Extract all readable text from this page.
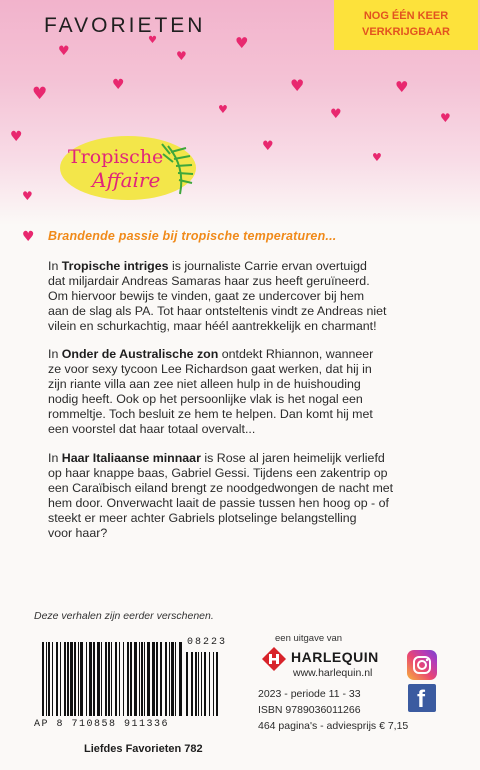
FAVORIETEN	NOG ÉÉN KEER
VERKRIJGBAAR
♥
♥	♥
♥
♥
♥
♥
♥
♥
♥
♥
♥
♥
♥
♥
Tropische
Affaire
♥ Brandende passie bij tropische temperaturen...
In Tropische intriges is journaliste Carrie ervan overtuigd
dat miljardair Andreas Samaras haar zus heeft geruïneerd.
Om hiervoor bewijs te vinden, gaat ze undercover bij hem
aan de slag als PA. Tot haar ontsteltenis vindt ze Andreas niet
vilein en schurkachtig, maar héél aantrekkelijk en charmant!
In Onder de Australische zon ontdekt Rhiannon, wanneer
ze voor sexy tycoon Lee Richardson gaat werken, dat hij in
zijn riante villa aan zee niet alleen hulp in de huishouding
nodig heeft. Ook op het persoonlijke vlak is het nogal een
rommeltje. Toch besluit ze hem te helpen. Dan komt hij met
een voorstel dat haar totaal overvalt...
In Haar Italiaanse minnaar is Rose al jaren heimelijk verliefd
op haar knappe baas, Gabriel Gessi. Tijdens een zakentrip op
een Caraïbisch eiland brengt ze noodgedwongen de nacht met
hem door. Onverwacht laait de passie tussen hen hoog op - of
steekt er meer achter Gabriels plotselinge belangstelling
voor haar?
Deze verhalen zijn eerder verschenen.
08223
AP 8 710858 911336
Liefdes Favorieten 782
een uitgave van
HARLEQUIN
www.harlequin.nl
2023 - periode 11 - 33
ISBN 9789036011266
464 pagina's - adviesprijs € 7,15
f
